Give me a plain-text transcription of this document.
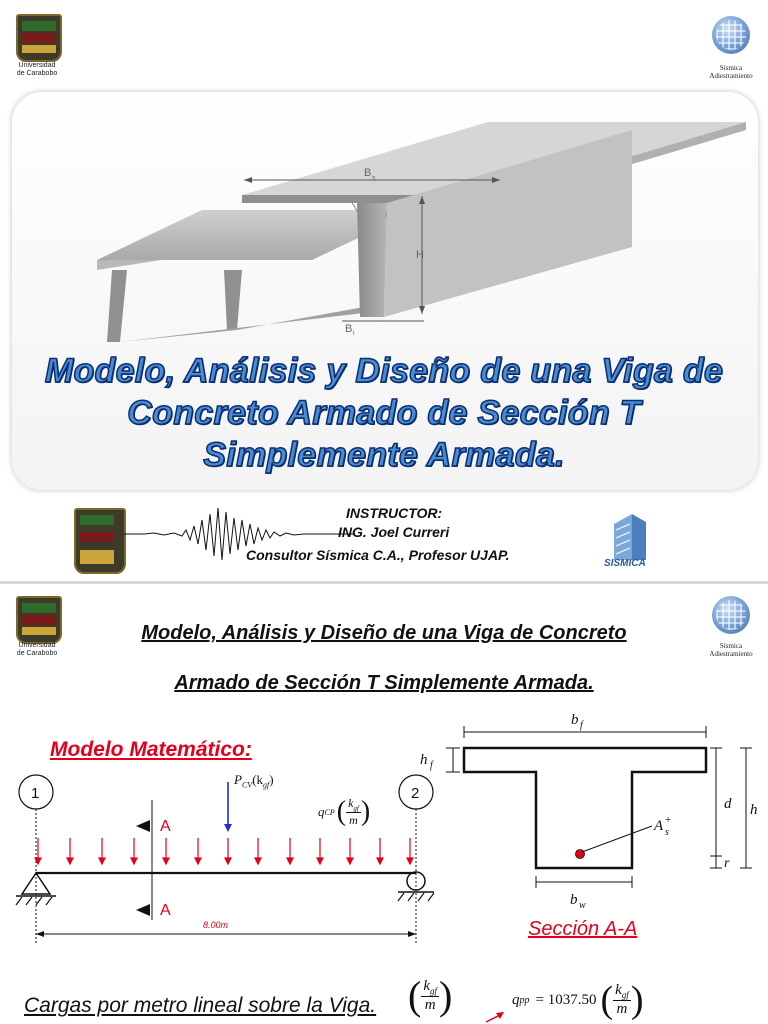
Universidad
de Carabobo
Sísmica
Adiestramiento
B s
H
B i
Modelo, Análisis y Diseño de una Viga de
Concreto Armado de Sección T
Simplemente Armada.
INSTRUCTOR:
ING. Joel Curreri
Consultor Sísmica C.A., Profesor UJAP.
SISMICA
Universidad
de Carabobo
Sísmica
Adiestramiento
Modelo, Análisis y Diseño de una Viga de Concreto
Armado de Sección T Simplemente Armada.
Modelo Matemático:
1	2
A
A
8.00m
$P_{CV}(k_{gf})$
q CP ( $k_{gf}$
m )
b f
h f
d
r
h
A s
+
b w
Sección A-A
Cargas por metro lineal sobre la Viga. ( $k_{gf}$
m )	q pp = 1037.50 ( $k_{gf}$
m )
